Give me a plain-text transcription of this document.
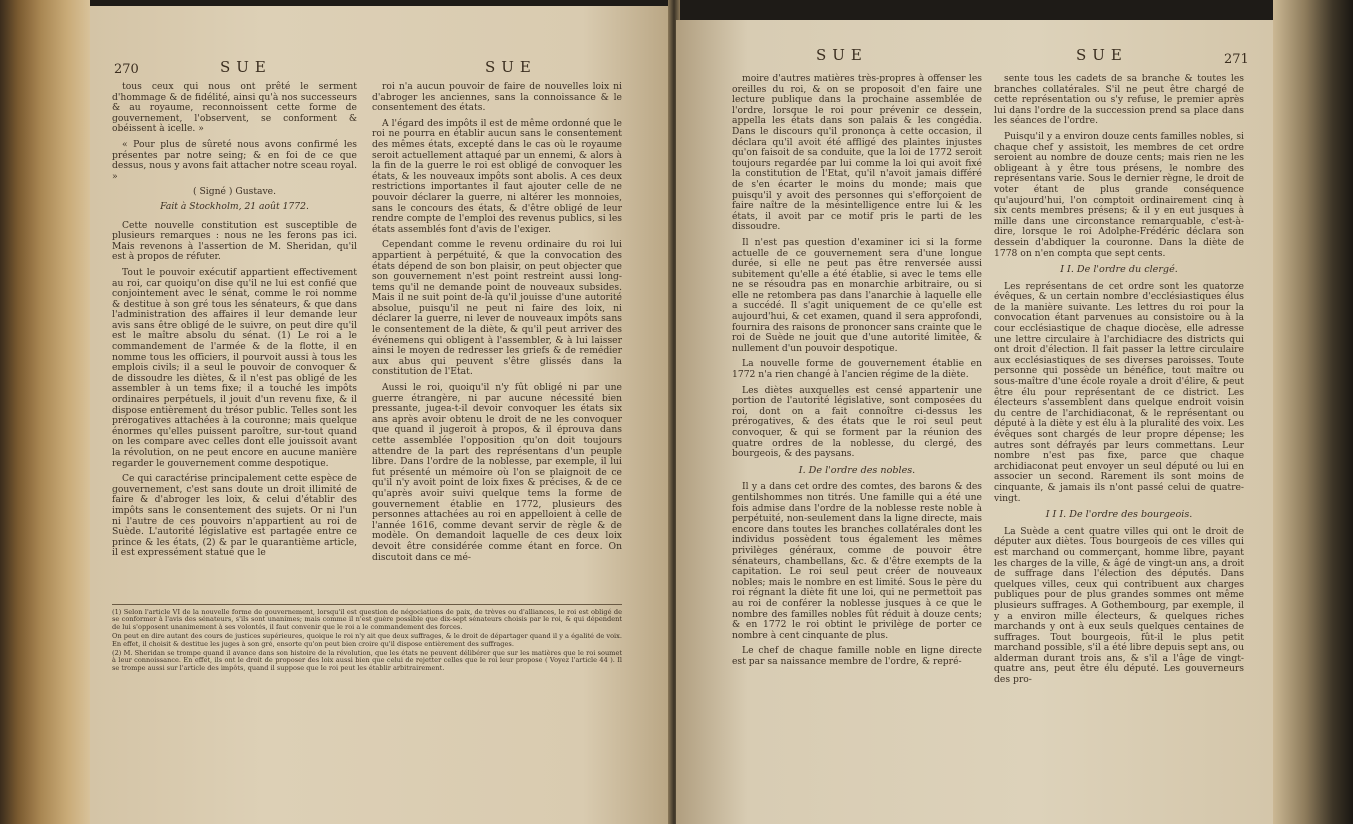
270	SUE	SUE

tous ceux qui nous ont prêté le serment d'hommage & de fidélité, ainsi qu'à nos successeurs & au royaume, reconnoissent cette forme de gouvernement, l'observent, se conforment & obéissent à icelle. »

« Pour plus de sûreté nous avons confirmé les présentes par notre seing; & en foi de ce que dessus, nous y avons fait attacher notre sceau royal. »

( Signé ) Gustave.
Fait à Stockholm, 21 août 1772.

Cette nouvelle constitution est susceptible de plusieurs remarques : nous ne les ferons pas ici. Mais revenons à l'assertion de M. Sheridan, qu'il est à propos de réfuter.

Tout le pouvoir exécutif appartient effectivement au roi, car quoiqu'on dise qu'il ne lui est confié que conjointement avec le sénat, comme le roi nomme & destitue à son gré tous les sénateurs, & que dans l'administration des affaires il leur demande leur avis sans être obligé de le suivre, on peut dire qu'il est le maître absolu du sénat. (1) Le roi a le commandement de l'armée & de la flotte, il en nomme tous les officiers, il pourvoit aussi à tous les emplois civils; il a seul le pouvoir de convoquer & de dissoudre les diètes, & il n'est pas obligé de les assembler à un tems fixe; il a touché les impôts ordinaires perpétuels, il jouit d'un revenu fixe, & il dispose entièrement du trésor public. Telles sont les prérogatives attachées à la couronne; mais quelque énormes qu'elles puissent paroître, sur-tout quand on les compare avec celles dont elle jouissoit avant la révolution, on ne peut encore en aucune manière regarder le gouvernement comme despotique.

Ce qui caractérise principalement cette espèce de gouvernement, c'est sans doute un droit illimité de faire & d'abroger les loix, & celui d'établir des impôts sans le consentement des sujets. Or ni l'un ni l'autre de ces pouvoirs n'appartient au roi de Suède. L'autorité législative est partagée entre ce prince & les états, (2) & par le quarantième article, il est expressément statué que le

roi n'a aucun pouvoir de faire de nouvelles loix ni d'abroger les anciennes, sans la connoissance & le consentement des états.

A l'égard des impôts il est de même ordonné que le roi ne pourra en établir aucun sans le consentement des mêmes états, excepté dans le cas où le royaume seroit actuellement attaqué par un ennemi, & alors à la fin de la guerre le roi est obligé de convoquer les états, & les nouveaux impôts sont abolis. A ces deux restrictions importantes il faut ajouter celle de ne pouvoir déclarer la guerre, ni altérer les monnoies, sans le concours des états, & d'être obligé de leur rendre compte de l'emploi des revenus publics, si les états assemblés font d'avis de l'exiger.

Cependant comme le revenu ordinaire du roi lui appartient à perpétuité, & que la convocation des états dépend de son bon plaisir, on peut objecter que son gouvernement n'est point restreint aussi long-tems qu'il ne demande point de nouveaux subsides. Mais il ne suit point de-là qu'il jouisse d'une autorité absolue, puisqu'il ne peut ni faire des loix, ni déclarer la guerre, ni lever de nouveaux impôts sans le consentement de la diète, & qu'il peut arriver des événemens qui obligent à l'assembler, & à lui laisser ainsi le moyen de redresser les griefs & de remédier aux abus qui peuvent s'être glissés dans la constitution de l'Etat.

Aussi le roi, quoiqu'il n'y fût obligé ni par une guerre étrangère, ni par aucune nécessité bien pressante, jugea-t-il devoir convoquer les états six ans après avoir obtenu le droit de ne les convoquer que quand il jugeroit à propos, & il éprouva dans cette assemblée l'opposition qu'on doit toujours attendre de la part des représentans d'un peuple libre. Dans l'ordre de la noblesse, par exemple, il lui fut présenté un mémoire où l'on se plaignoit de ce qu'il n'y avoit point de loix fixes & précises, & de ce qu'après avoir suivi quelque tems la forme de gouvernement établie en 1772, plusieurs des personnes attachées au roi en appelloient à celle de l'année 1616, comme devant servir de règle & de modèle. On demandoit laquelle de ces deux loix devoit être considérée comme étant en force. On discutoit dans ce mé-

(1) Selon l'article VI de la nouvelle forme de gouvernement, lorsqu'il est question de négociations de paix, de trèves ou d'alliances, le roi est obligé de se conformer à l'avis des sénateurs, s'ils sont unanimes; mais comme il n'est guère possible que dix-sept sénateurs choisis par le roi, & qui dépendent de lui s'opposent unanimement à ses volontés, il faut convenir que le roi a le commandement des forces.

On peut en dire autant des cours de justices supérieures, quoique le roi n'y ait que deux suffrages, & le droit de départager quand il y a égalité de voix. En effet, il choisit & destitue les juges à son gré, ensorte qu'on peut bien croire qu'il dispose entièrement des suffrages.

(2) M. Sheridan se trompe quand il avance dans son histoire de la révolution, que les états ne peuvent délibérer que sur les matières que le roi soumet à leur connoissance. En effet, ils ont le droit de proposer des loix aussi bien que celui de rejetter celles que le roi leur propose ( Voyez l'article 44 ). Il se trompe aussi sur l'article des impôts, quand il suppose que le roi peut les établir arbitrairement.

SUE	SUE	271

moire d'autres matières très-propres à offenser les oreilles du roi, & on se proposoit d'en faire une lecture publique dans la prochaine assemblée de l'ordre, lorsque le roi pour prévenir ce dessein, appella les états dans son palais & les congédia. Dans le discours qu'il prononça à cette occasion, il déclara qu'il avoit été affligé des plaintes injustes qu'on faisoit de sa conduite, que la loi de 1772 seroit toujours regardée par lui comme la loi qui avoit fixé la constitution de l'Etat, qu'il n'avoit jamais différé de s'en écarter le moins du monde; mais que puisqu'il y avoit des personnes qui s'efforçoient de faire naître de la mésintelligence entre lui & les états, il avoit par ce motif pris le parti de les dissoudre.

Il n'est pas question d'examiner ici si la forme actuelle de ce gouvernement sera d'une longue durée, si elle ne peut pas être renversée aussi subitement qu'elle a été établie, si avec le tems elle ne se résoudra pas en monarchie arbitraire, ou si elle ne retombera pas dans l'anarchie à laquelle elle a succédé. Il s'agit uniquement de ce qu'elle est aujourd'hui, & cet examen, quand il sera approfondi, fournira des raisons de prononcer sans crainte que le roi de Suède ne jouit que d'une autorité limitée, & nullement d'un pouvoir despotique.

La nouvelle forme de gouvernement établie en 1772 n'a rien changé à l'ancien régime de la diète.

Les diètes auxquelles est censé appartenir une portion de l'autorité législative, sont composées du roi, dont on a fait connoître ci-dessus les prérogatives, & des états que le roi seul peut convoquer, & qui se forment par la réunion des quatre ordres de la noblesse, du clergé, des bourgeois, & des paysans.

I. De l'ordre des nobles.

Il y a dans cet ordre des comtes, des barons & des gentilshommes non titrés. Une famille qui a été une fois admise dans l'ordre de la noblesse reste noble à perpétuité, non-seulement dans la ligne directe, mais encore dans toutes les branches collatérales dont les individus possèdent tous également les mêmes privilèges généraux, comme de pouvoir être sénateurs, chambellans, &c. & d'être exempts de la capitation. Le roi seul peut créer de nouveaux nobles; mais le nombre en est limité. Sous le père du roi régnant la diète fit une loi, qui ne permettoit pas au roi de conférer la noblesse jusques à ce que le nombre des familles nobles fût réduit à douze cents; & en 1772 le roi obtint le privilège de porter ce nombre à cent cinquante de plus.

Le chef de chaque famille noble en ligne directe est par sa naissance membre de l'ordre, & repré-

sente tous les cadets de sa branche & toutes les branches collatérales. S'il ne peut être chargé de cette représentation ou s'y refuse, le premier après lui dans l'ordre de la succession prend sa place dans les séances de l'ordre.

Puisqu'il y a environ douze cents familles nobles, si chaque chef y assistoit, les membres de cet ordre seroient au nombre de douze cents; mais rien ne les obligeant à y être tous présens, le nombre des représentans varie. Sous le dernier règne, le droit de voter étant de plus grande conséquence qu'aujourd'hui, l'on comptoit ordinairement cinq à six cents membres présens; & il y en eut jusques à mille dans une circonstance remarquable, c'est-à-dire, lorsque le roi Adolphe-Frédéric déclara son dessein d'abdiquer la couronne. Dans la diète de 1778 on n'en compta que sept cents.

I I. De l'ordre du clergé.

Les représentans de cet ordre sont les quatorze évêques, & un certain nombre d'ecclésiastiques élus de la manière suivante. Les lettres du roi pour la convocation étant parvenues au consistoire ou à la cour ecclésiastique de chaque diocèse, elle adresse une lettre circulaire à l'archidiacre des districts qui ont droit d'élection. Il fait passer la lettre circulaire aux ecclésiastiques de ses diverses paroisses. Toute personne qui possède un bénéfice, tout maître ou sous-maître d'une école royale a droit d'élire, & peut être élu pour représentant de ce district. Les électeurs s'assemblent dans quelque endroit voisin du centre de l'archidiaconat, & le représentant ou député à la diète y est élu à la pluralité des voix. Les évêques sont chargés de leur propre dépense; les autres sont défrayés par leurs commettans. Leur nombre n'est pas fixe, parce que chaque archidiaconat peut envoyer un seul député ou lui en associer un second. Rarement ils sont moins de cinquante, & jamais ils n'ont passé celui de quatre-vingt.

I I I. De l'ordre des bourgeois.

La Suède a cent quatre villes qui ont le droit de députer aux diètes. Tous bourgeois de ces villes qui est marchand ou commerçant, homme libre, payant les charges de la ville, & âgé de vingt-un ans, a droit de suffrage dans l'élection des députés. Dans quelques villes, ceux qui contribuent aux charges publiques pour de plus grandes sommes ont même plusieurs suffrages. A Gothembourg, par exemple, il y a environ mille électeurs, & quelques riches marchands y ont à eux seuls quelques centaines de suffrages. Tout bourgeois, fût-il le plus petit marchand possible, s'il a été libre depuis sept ans, ou alderman durant trois ans, & s'il a l'âge de vingt-quatre ans, peut être élu député. Les gouverneurs des pro-
